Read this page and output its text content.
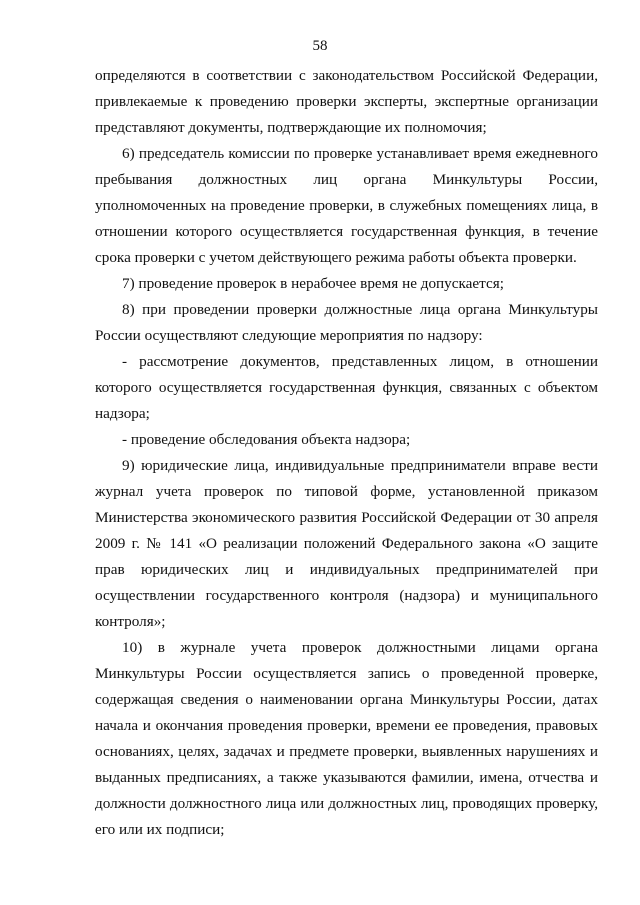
58
определяются в соответствии с законодательством Российской Федерации,
привлекаемые к проведению проверки эксперты, экспертные организации
представляют документы, подтверждающие их полномочия;
6) председатель комиссии по проверке устанавливает время ежедневного
пребывания должностных лиц органа Минкультуры России,
уполномоченных на проведение проверки, в служебных помещениях лица, в
отношении которого осуществляется государственная функция, в течение
срока проверки с учетом действующего режима работы объекта проверки.
7) проведение проверок в нерабочее время не допускается;
8) при проведении проверки должностные лица органа Минкультуры
России осуществляют следующие мероприятия по надзору:
- рассмотрение документов, представленных лицом, в отношении
которого осуществляется государственная функция, связанных с объектом
надзора;
- проведение обследования объекта надзора;
9) юридические лица, индивидуальные предприниматели вправе вести
журнал учета проверок по типовой форме, установленной приказом
Министерства экономического развития Российской Федерации от 30 апреля
2009 г. № 141 «О реализации положений Федерального закона «О защите
прав юридических лиц и индивидуальных предпринимателей при
осуществлении государственного контроля (надзора) и муниципального
контроля»;
10) в журнале учета проверок должностными лицами органа
Минкультуры России осуществляется запись о проведенной проверке,
содержащая сведения о наименовании органа Минкультуры России, датах
начала и окончания проведения проверки, времени ее проведения, правовых
основаниях, целях, задачах и предмете проверки, выявленных нарушениях и
выданных предписаниях, а также указываются фамилии, имена, отчества и
должности должностного лица или должностных лиц, проводящих проверку,
его или их подписи;
